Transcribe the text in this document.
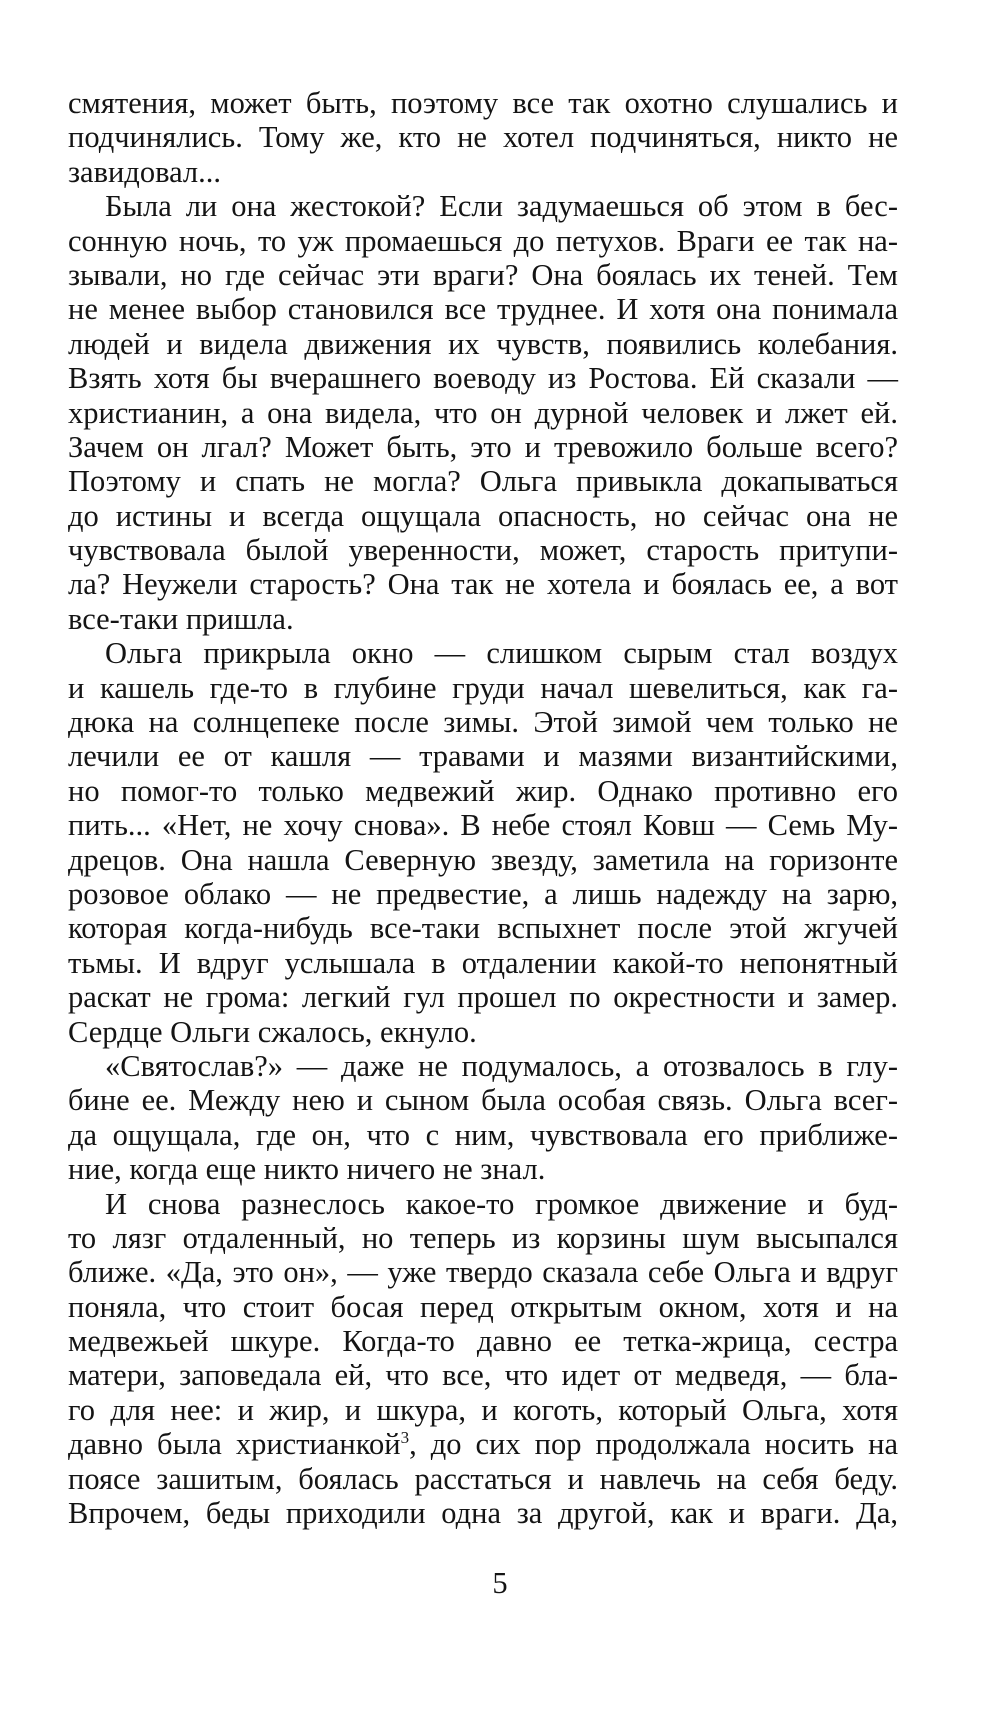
смятения, может быть, поэтому все так охотно слушались и
подчинялись. Тому же, кто не хотел подчиняться, никто не
завидовал...
Была ли она жестокой? Если задумаешься об этом в бес-
сонную ночь, то уж промаешься до петухов. Враги ее так на-
зывали, но где сейчас эти враги? Она боялась их теней. Тем
не менее выбор становился все труднее. И хотя она понимала
людей и видела движения их чувств, появились колебания.
Взять хотя бы вчерашнего воеводу из Ростова. Ей сказали —
христианин, а она видела, что он дурной человек и лжет ей.
Зачем он лгал? Может быть, это и тревожило больше всего?
Поэтому и спать не могла? Ольга привыкла докапываться
до истины и всегда ощущала опасность, но сейчас она не
чувствовала былой уверенности, может, старость притупи-
ла? Неужели старость? Она так не хотела и боялась ее, а вот
все-таки пришла.
Ольга прикрыла окно — слишком сырым стал воздух
и кашель где-то в глубине груди начал шевелиться, как га-
дюка на солнцепеке после зимы. Этой зимой чем только не
лечили ее от кашля — травами и мазями византийскими,
но помог-то только медвежий жир. Однако противно его
пить... «Нет, не хочу снова». В небе стоял Ковш — Семь Му-
дрецов. Она нашла Северную звезду, заметила на горизонте
розовое облако — не предвестие, а лишь надежду на зарю,
которая когда-нибудь все-таки вспыхнет после этой жгучей
тьмы. И вдруг услышала в отдалении какой-то непонятный
раскат не грома: легкий гул прошел по окрестности и замер.
Сердце Ольги сжалось, екнуло.
«Святослав?» — даже не подумалось, а отозвалось в глу-
бине ее. Между нею и сыном была особая связь. Ольга всег-
да ощущала, где он, что с ним, чувствовала его приближе-
ние, когда еще никто ничего не знал.
И снова разнеслось какое-то громкое движение и буд-
то лязг отдаленный, но теперь из корзины шум высыпался
ближе. «Да, это он», — уже твердо сказала себе Ольга и вдруг
поняла, что стоит босая перед открытым окном, хотя и на
медвежьей шкуре. Когда-то давно ее тетка-жрица, сестра
матери, заповедала ей, что все, что идет от медведя, — бла-
го для нее: и жир, и шкура, и коготь, который Ольга, хотя
давно была христианкой$^3$, до сих пор продолжала носить на
поясе зашитым, боялась расстаться и навлечь на себя беду.
Впрочем, беды приходили одна за другой, как и враги. Да,
5
